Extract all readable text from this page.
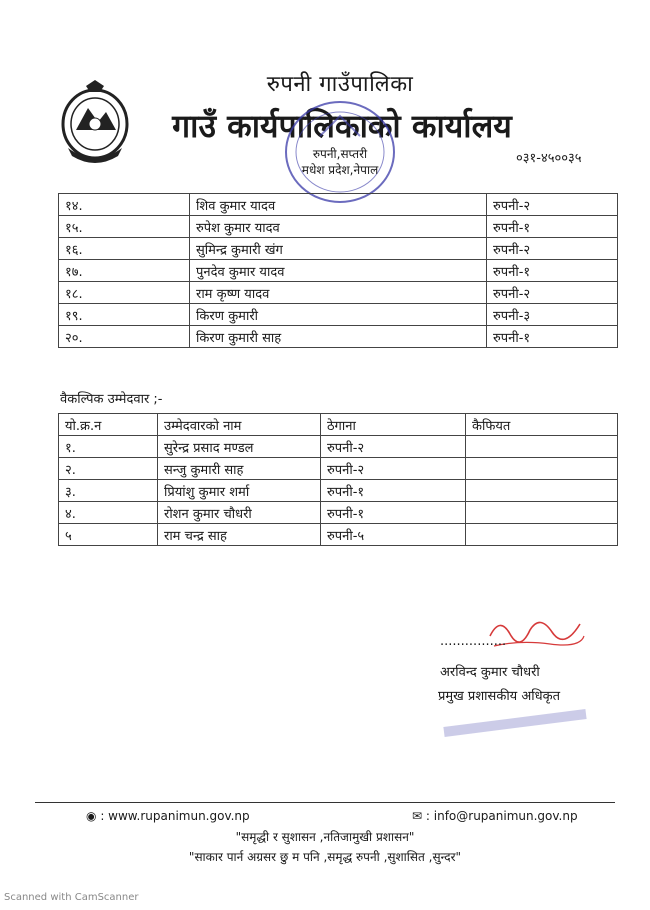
रुपनी गाउँपालिका
गाउँ कार्यपालिकाको कार्यालय
रुपनी,सप्तरी
मधेश प्रदेश,नेपाल
०३१-४५००३५
१४.	शिव कुमार यादव	रुपनी-२
१५.	रुपेश कुमार यादव	रुपनी-१
१६.	सुमिन्द्र कुमारी खंग	रुपनी-२
१७.	पुनदेव कुमार यादव	रुपनी-१
१८.	राम कृष्ण यादव	रुपनी-२
१९.	किरण कुमारी	रुपनी-३
२०.	किरण कुमारी साह	रुपनी-१
वैकल्पिक उम्मेदवार ;-
यो.क्र.न	उम्मेदवारको नाम	ठेगाना	कैफियत
१.	सुरेन्द्र प्रसाद मण्डल	रुपनी-२	
२.	सन्जु कुमारी साह	रुपनी-२	
३.	प्रियांशु कुमार शर्मा	रुपनी-१	
४.	रोशन कुमार चौधरी	रुपनी-१	
५	राम चन्द्र साह	रुपनी-५	
................
अरविन्द कुमार चौधरी
प्रमुख प्रशासकीय अधिकृत
◉ : www.rupanimun.gov.np	✉ : info@rupanimun.gov.np
"समृद्धी र सुशासन ,नतिजामुखी प्रशासन"
"साकार पार्न अग्रसर छु म पनि ,समृद्ध रुपनी ,सुशासित ,सुन्दर"
Scanned with CamScanner
